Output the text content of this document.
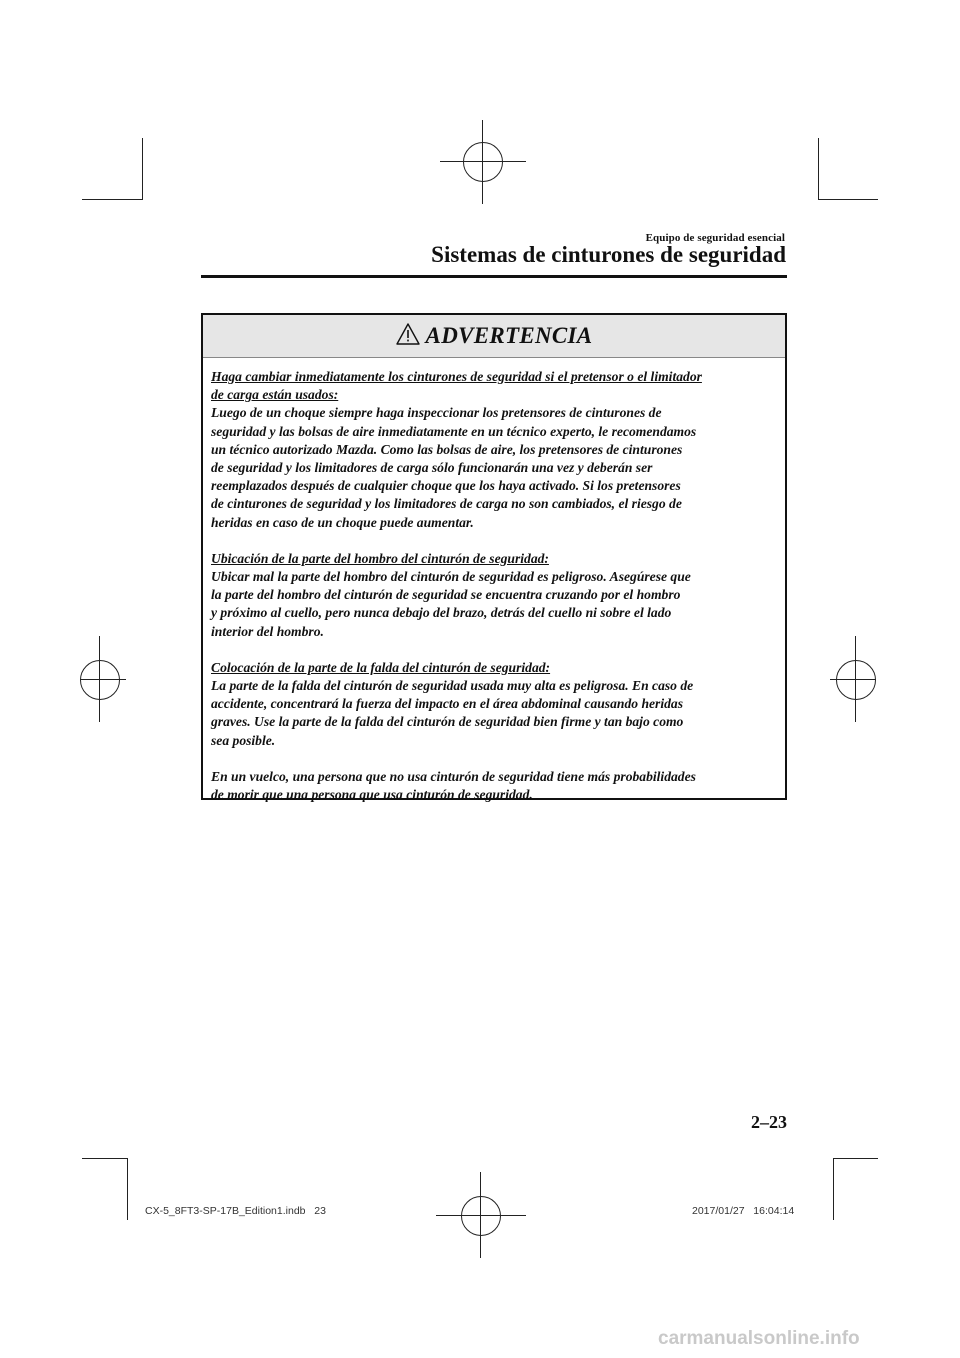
Equipo de seguridad esencial
Sistemas de cinturones de seguridad
ADVERTENCIA
Haga cambiar inmediatamente los cinturones de seguridad si el pretensor o el limitador
de carga están usados:
Luego de un choque siempre haga inspeccionar los pretensores de cinturones de
seguridad y las bolsas de aire inmediatamente en un técnico experto, le recomendamos
un técnico autorizado Mazda. Como las bolsas de aire, los pretensores de cinturones
de seguridad y los limitadores de carga sólo funcionarán una vez y deberán ser
reemplazados después de cualquier choque que los haya activado. Si los pretensores
de cinturones de seguridad y los limitadores de carga no son cambiados, el riesgo de
heridas en caso de un choque puede aumentar.
Ubicación de la parte del hombro del cinturón de seguridad:
Ubicar mal la parte del hombro del cinturón de seguridad es peligroso. Asegúrese que
la parte del hombro del cinturón de seguridad se encuentra cruzando por el hombro
y próximo al cuello, pero nunca debajo del brazo, detrás del cuello ni sobre el lado
interior del hombro.
Colocación de la parte de la falda del cinturón de seguridad:
La parte de la falda del cinturón de seguridad usada muy alta es peligrosa. En caso de
accidente, concentrará la fuerza del impacto en el área abdominal causando heridas
graves. Use la parte de la falda del cinturón de seguridad bien firme y tan bajo como
sea posible.
En un vuelco, una persona que no usa cinturón de seguridad tiene más probabilidades
de morir que una persona que usa cinturón de seguridad.
2–23
CX-5_8FT3-SP-17B_Edition1.indb   23	2017/01/27   16:04:14
carmanualsonline.info
